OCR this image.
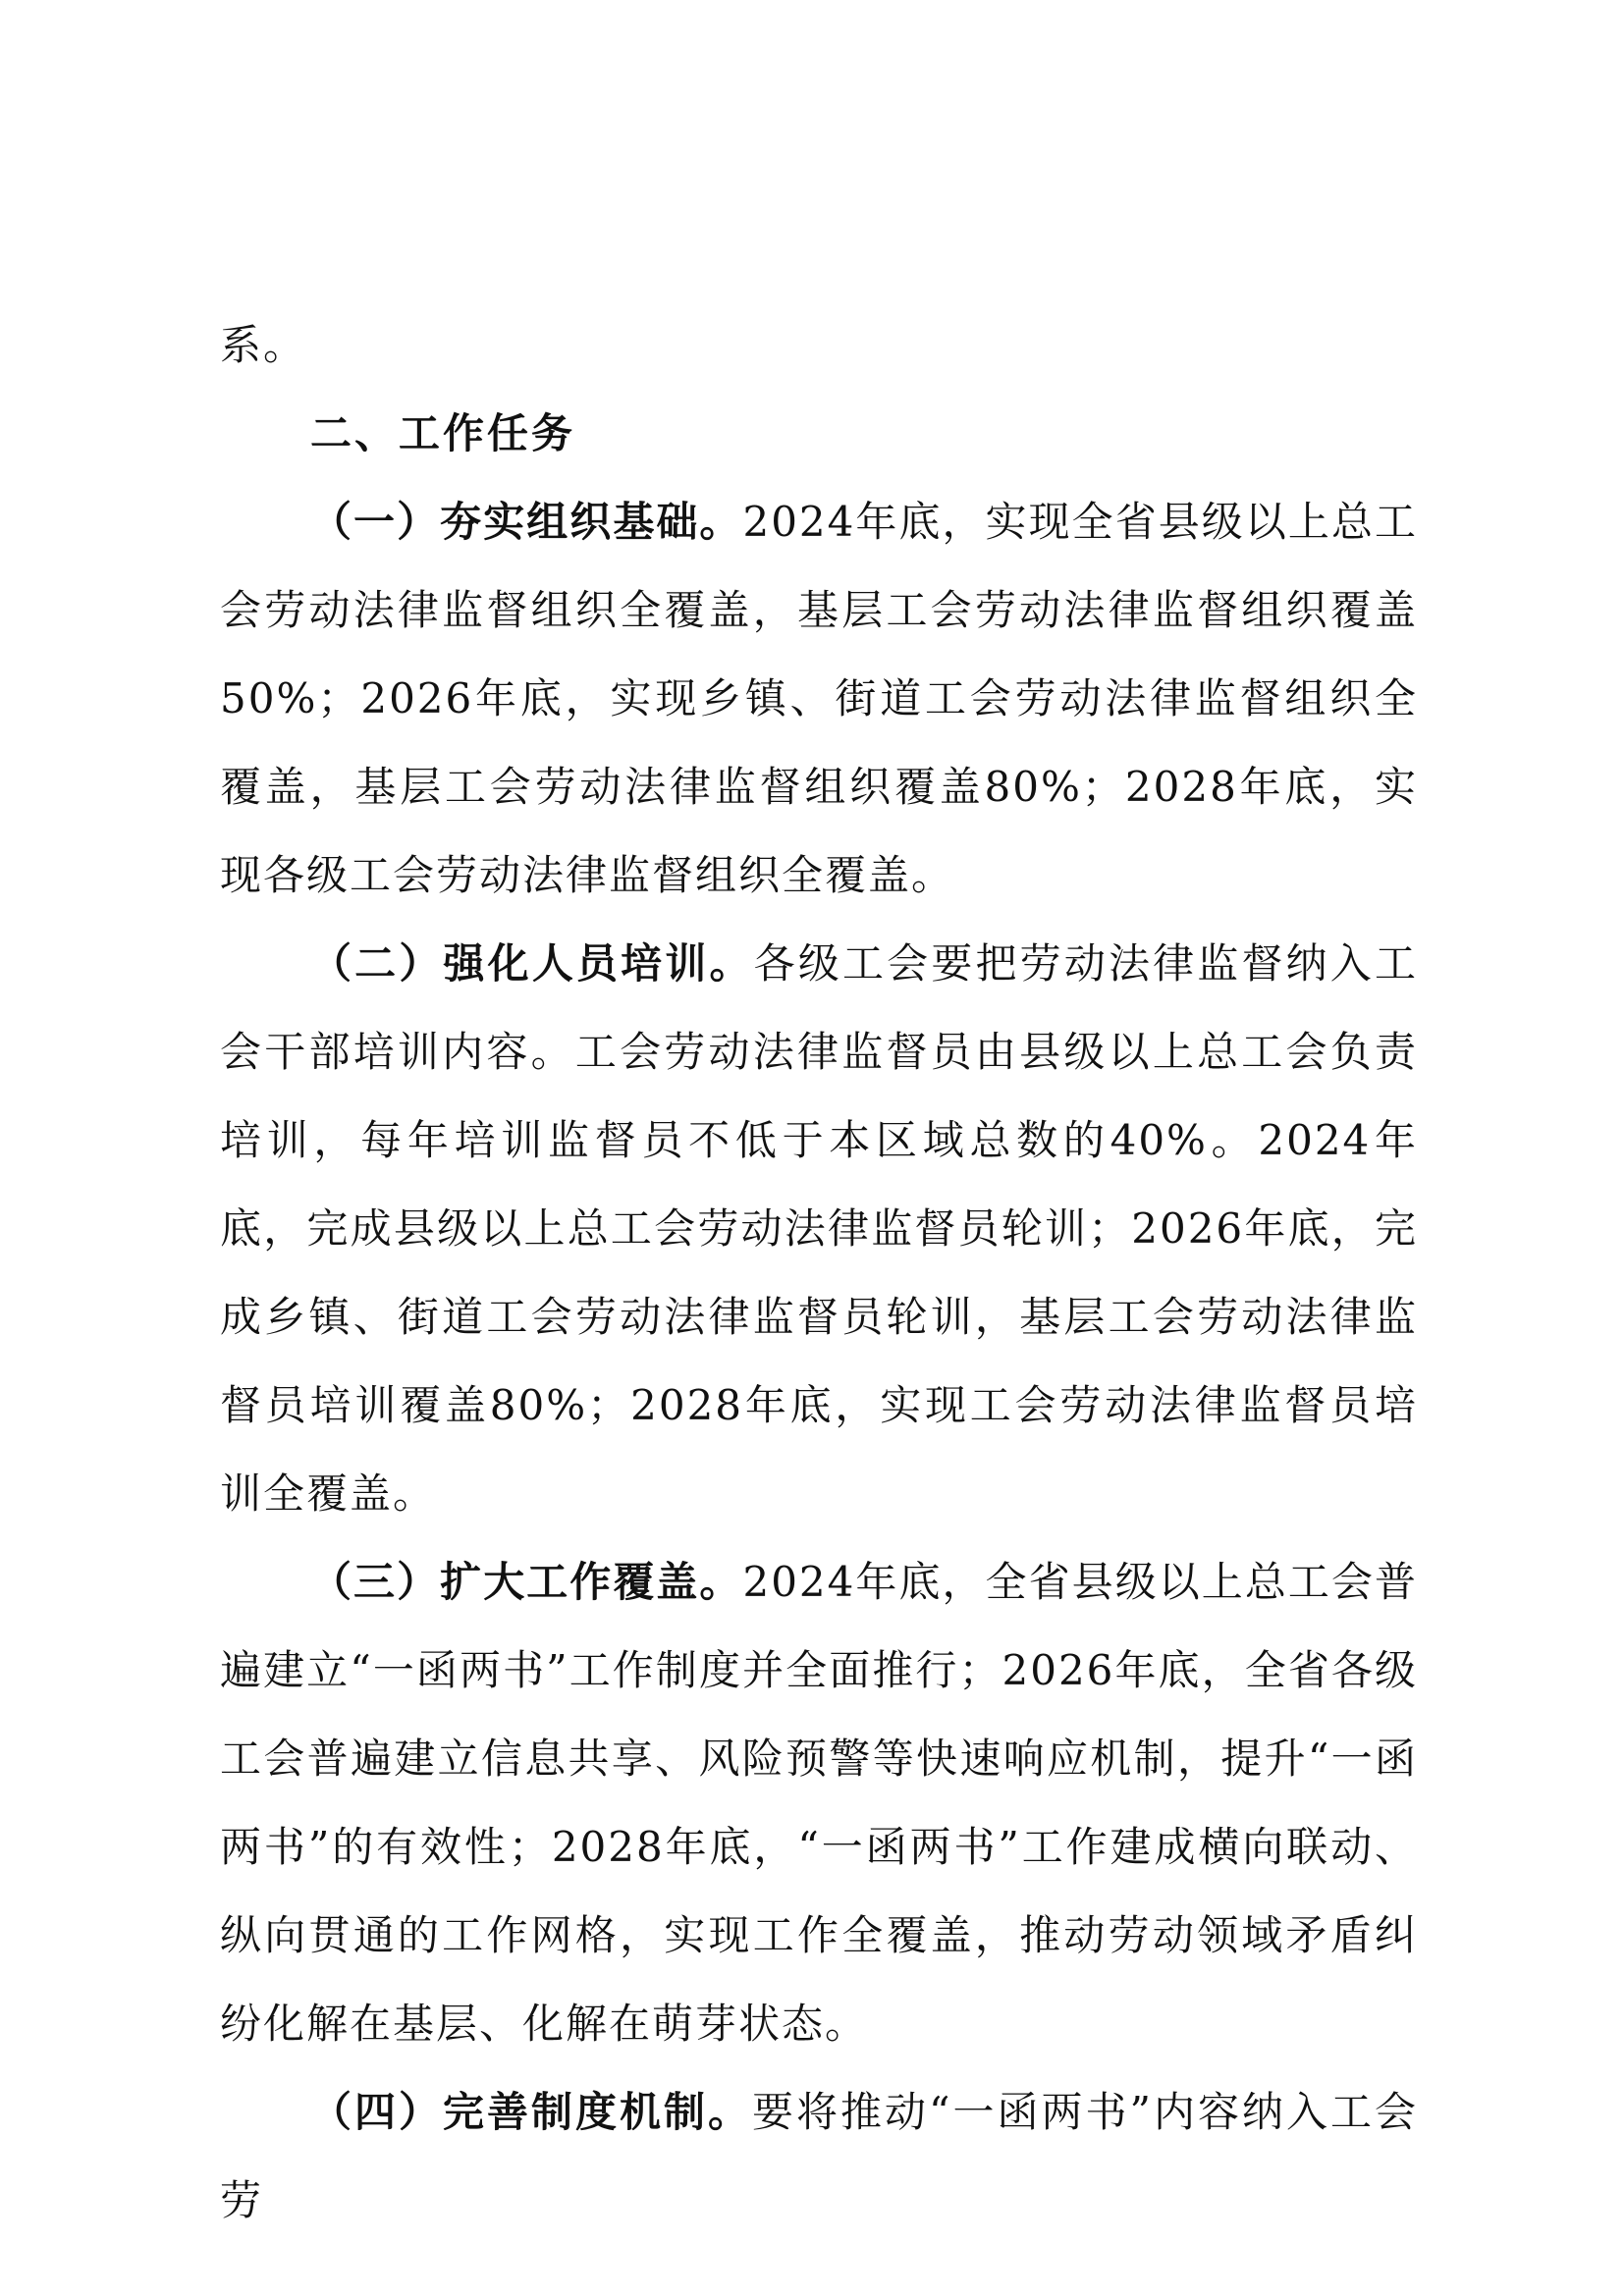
系。

二、工作任务

（一）夯实组织基础。2024年底，实现全省县级以上总工会劳动法律监督组织全覆盖，基层工会劳动法律监督组织覆盖50%；2026年底，实现乡镇、街道工会劳动法律监督组织全覆盖，基层工会劳动法律监督组织覆盖80%；2028年底，实现各级工会劳动法律监督组织全覆盖。

（二）强化人员培训。各级工会要把劳动法律监督纳入工会干部培训内容。工会劳动法律监督员由县级以上总工会负责培训，每年培训监督员不低于本区域总数的40%。2024年底，完成县级以上总工会劳动法律监督员轮训；2026年底，完成乡镇、街道工会劳动法律监督员轮训，基层工会劳动法律监督员培训覆盖80%；2028年底，实现工会劳动法律监督员培训全覆盖。

（三）扩大工作覆盖。2024年底，全省县级以上总工会普遍建立“一函两书”工作制度并全面推行；2026年底，全省各级工会普遍建立信息共享、风险预警等快速响应机制，提升“一函两书”的有效性；2028年底，“一函两书”工作建成横向联动、纵向贯通的工作网格，实现工作全覆盖，推动劳动领域矛盾纠纷化解在基层、化解在萌芽状态。

（四）完善制度机制。要将推动“一函两书”内容纳入工会劳
